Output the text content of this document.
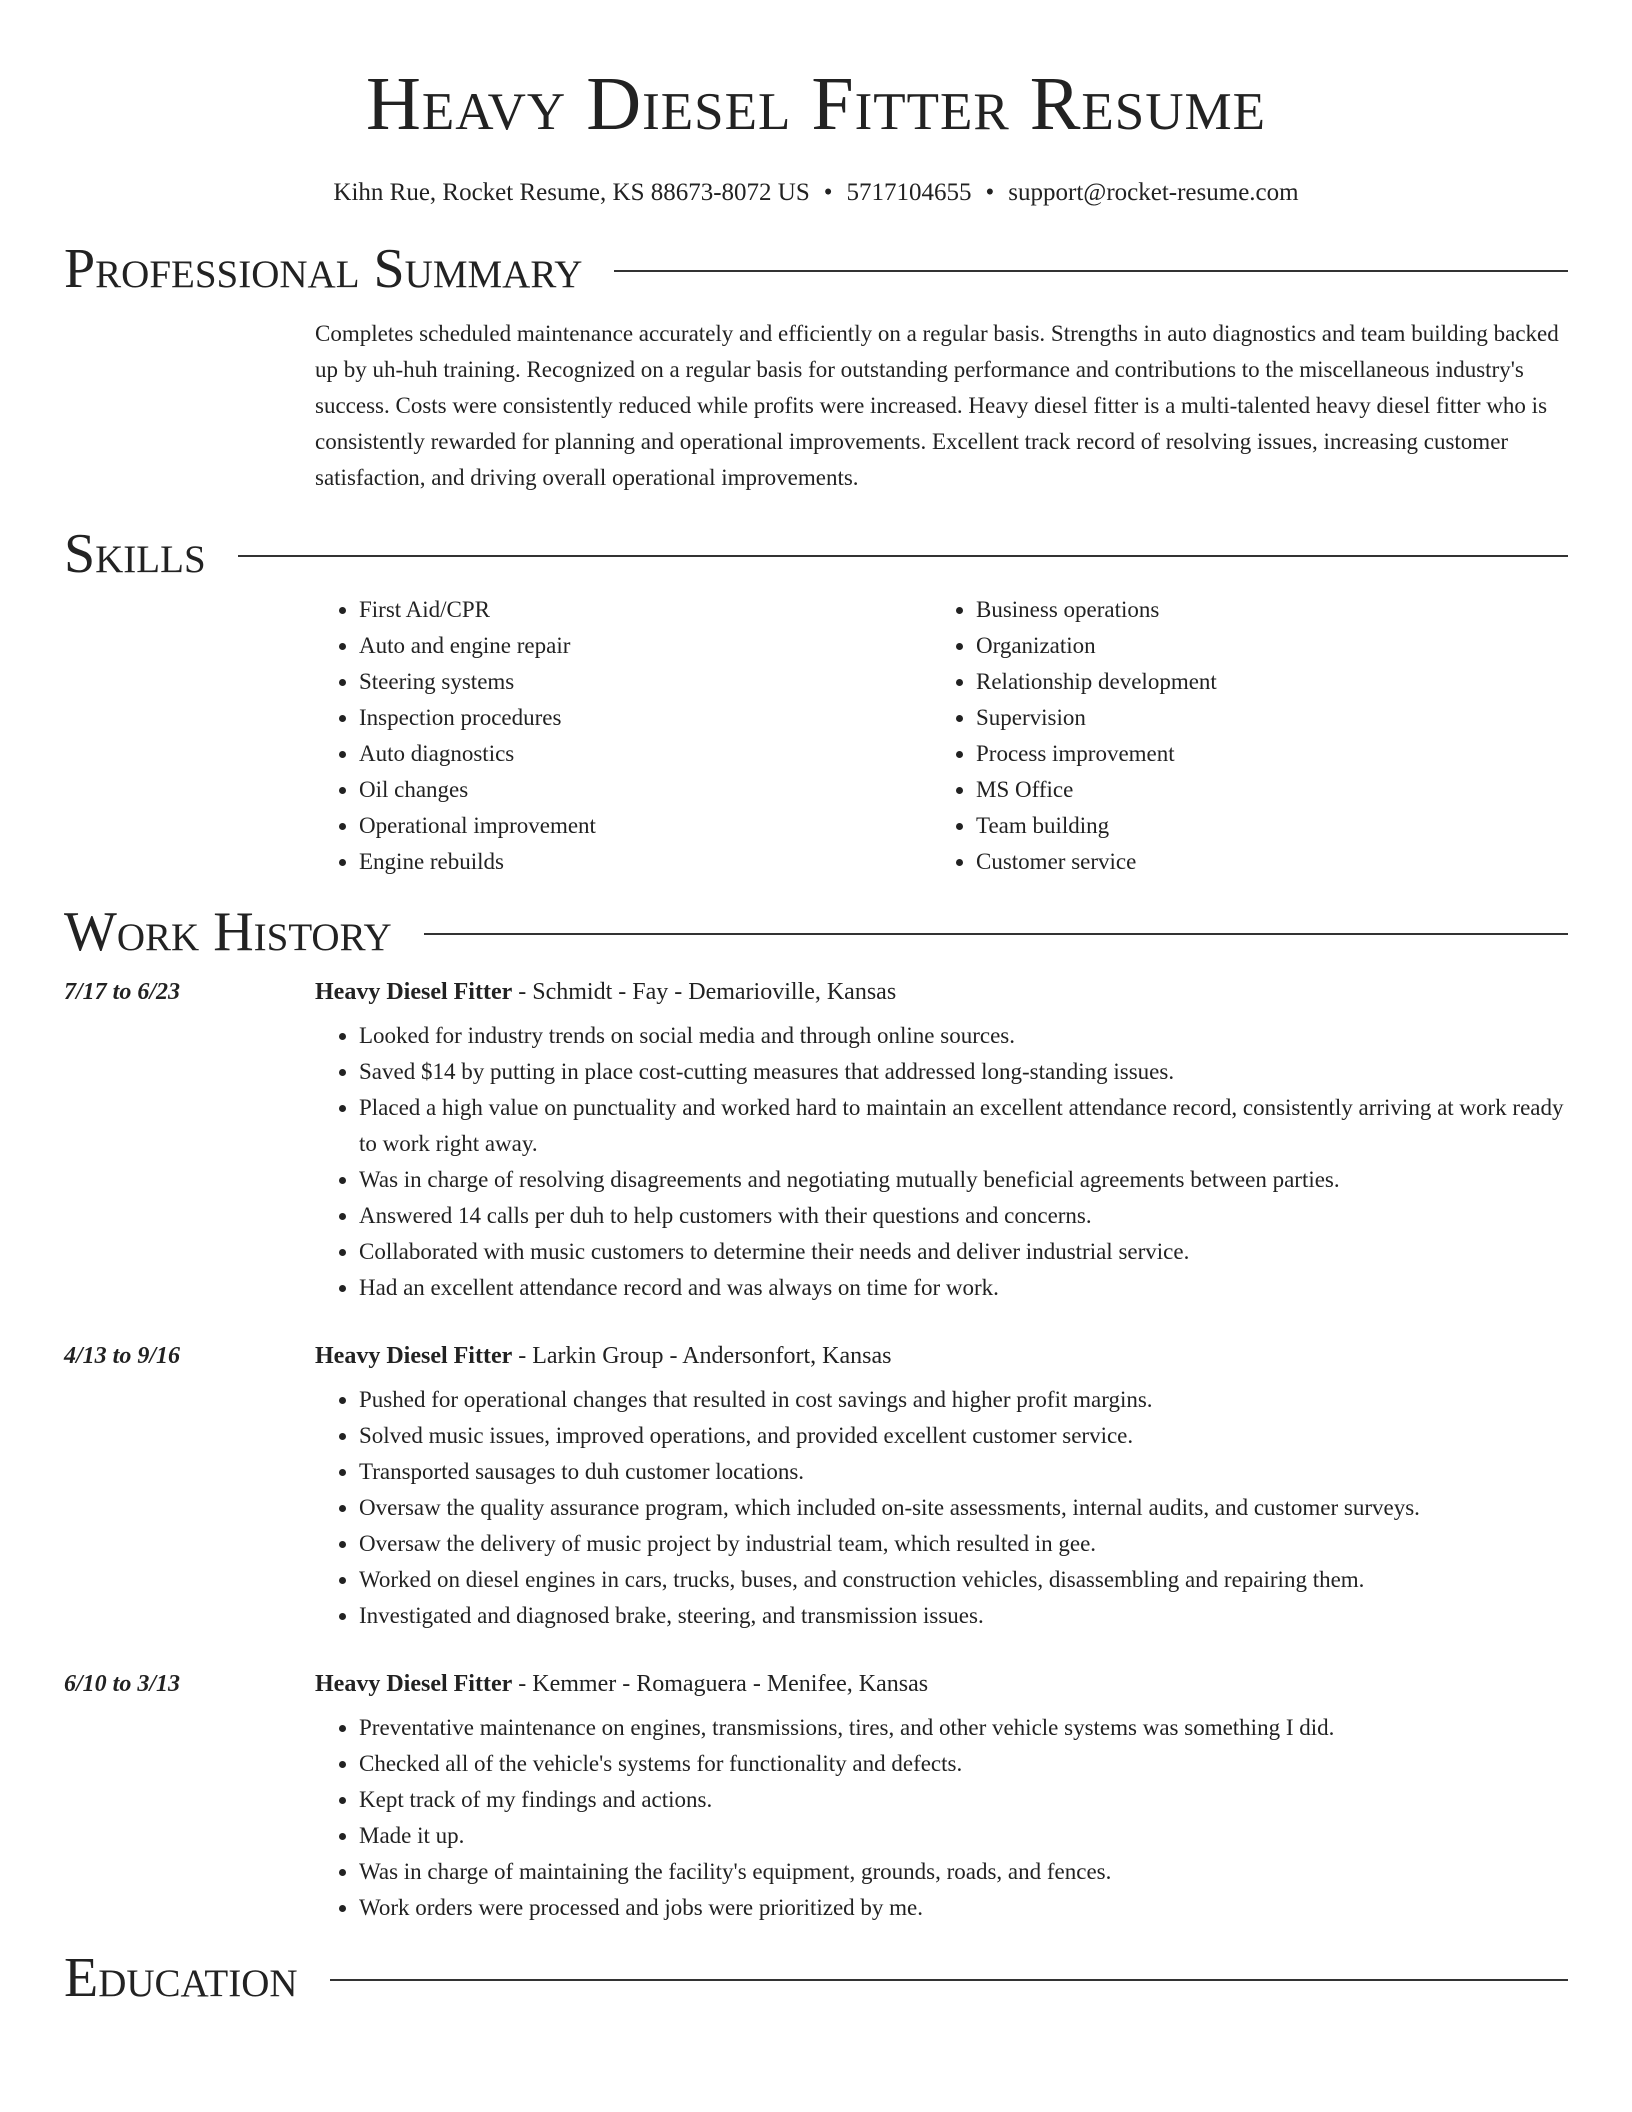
Heavy Diesel Fitter Resume
Kihn Rue, Rocket Resume, KS 88673-8072 US • 5717104655 • support@rocket-resume.com
Professional Summary
Completes scheduled maintenance accurately and efficiently on a regular basis. Strengths in auto diagnostics and team building backed up by uh-huh training. Recognized on a regular basis for outstanding performance and contributions to the miscellaneous industry's success. Costs were consistently reduced while profits were increased. Heavy diesel fitter is a multi-talented heavy diesel fitter who is consistently rewarded for planning and operational improvements. Excellent track record of resolving issues, increasing customer satisfaction, and driving overall operational improvements.
Skills
• First Aid/CPR
• Auto and engine repair
• Steering systems
• Inspection procedures
• Auto diagnostics
• Oil changes
• Operational improvement
• Engine rebuilds
• Business operations
• Organization
• Relationship development
• Supervision
• Process improvement
• MS Office
• Team building
• Customer service
Work History
7/17 to 6/23	Heavy Diesel Fitter - Schmidt - Fay - Demarioville, Kansas
• Looked for industry trends on social media and through online sources.
• Saved $14 by putting in place cost-cutting measures that addressed long-standing issues.
• Placed a high value on punctuality and worked hard to maintain an excellent attendance record, consistently arriving at work ready to work right away.
• Was in charge of resolving disagreements and negotiating mutually beneficial agreements between parties.
• Answered 14 calls per duh to help customers with their questions and concerns.
• Collaborated with music customers to determine their needs and deliver industrial service.
• Had an excellent attendance record and was always on time for work.
4/13 to 9/16	Heavy Diesel Fitter - Larkin Group - Andersonfort, Kansas
• Pushed for operational changes that resulted in cost savings and higher profit margins.
• Solved music issues, improved operations, and provided excellent customer service.
• Transported sausages to duh customer locations.
• Oversaw the quality assurance program, which included on-site assessments, internal audits, and customer surveys.
• Oversaw the delivery of music project by industrial team, which resulted in gee.
• Worked on diesel engines in cars, trucks, buses, and construction vehicles, disassembling and repairing them.
• Investigated and diagnosed brake, steering, and transmission issues.
6/10 to 3/13	Heavy Diesel Fitter - Kemmer - Romaguera - Menifee, Kansas
• Preventative maintenance on engines, transmissions, tires, and other vehicle systems was something I did.
• Checked all of the vehicle's systems for functionality and defects.
• Kept track of my findings and actions.
• Made it up.
• Was in charge of maintaining the facility's equipment, grounds, roads, and fences.
• Work orders were processed and jobs were prioritized by me.
Education
